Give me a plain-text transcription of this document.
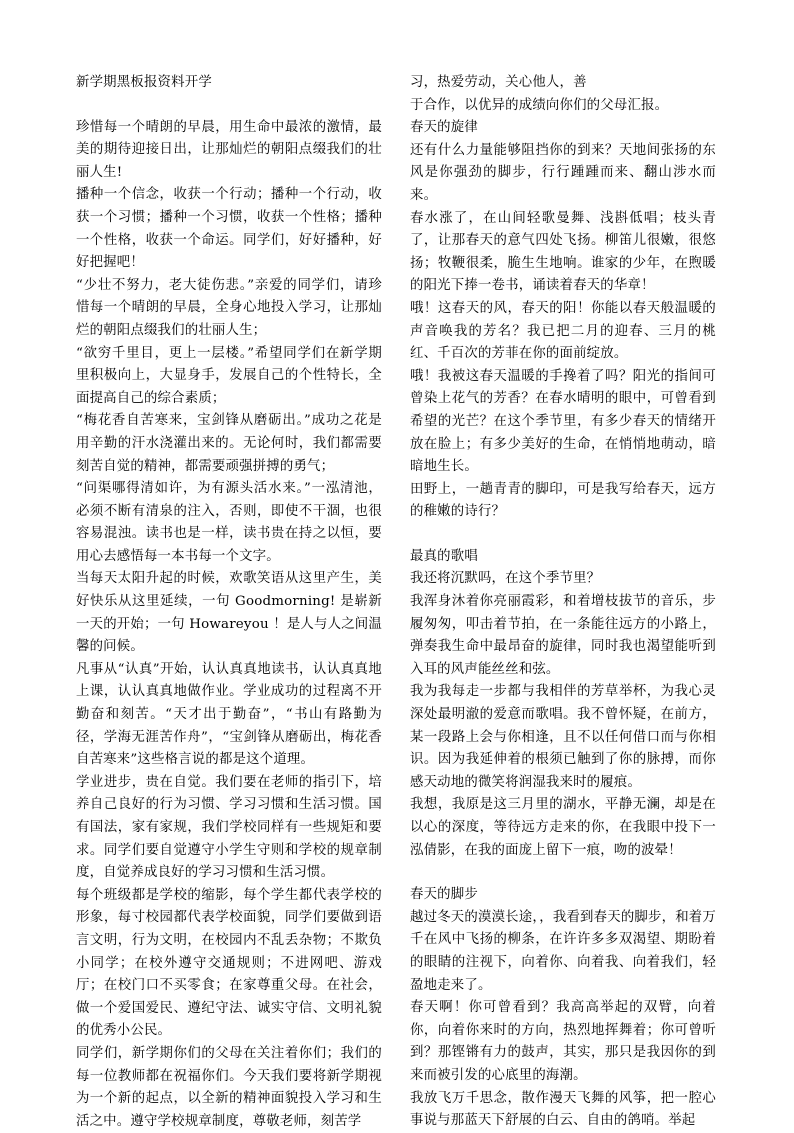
新学期黑板报资料开学

珍惜每一个晴朗的早晨，用生命中最浓的激情，最美的期待迎接日出，让那灿烂的朝阳点缀我们的壮丽人生!

播种一个信念，收获一个行动；播种一个行动，收获一个习惯；播种一个习惯，收获一个性格；播种一个性格，收获一个命运。同学们，好好播种，好好把握吧！

“少壮不努力，老大徒伤悲。”亲爱的同学们，请珍惜每一个晴朗的早晨，全身心地投入学习，让那灿烂的朝阳点缀我们的壮丽人生；

“欲穷千里目，更上一层楼。”希望同学们在新学期里积极向上，大显身手，发展自己的个性特长，全面提高自己的综合素质；

“梅花香自苦寒来，宝剑锋从磨砺出。”成功之花是用辛勤的汗水浇灌出来的。无论何时，我们都需要刻苦自觉的精神，都需要顽强拼搏的勇气；

“问渠哪得清如许，为有源头活水来。”一泓清池，必须不断有清泉的注入，否则，即使不干涸，也很容易混浊。读书也是一样，读书贵在持之以恒，要用心去感悟每一本书每一个文字。

当每天太阳升起的时候，欢歌笑语从这里产生，美好快乐从这里延续，一句 Goodmorning! 是崭新一天的开始；一句 Howareyou ！是人与人之间温馨的问候。

凡事从“认真”开始，认认真真地读书，认认真真地上课，认认真真地做作业。学业成功的过程离不开勤奋和刻苦。“天才出于勤奋”，“书山有路勤为径，学海无涯苦作舟”，“宝剑锋从磨砺出，梅花香自苦寒来”这些格言说的都是这个道理。

学业进步，贵在自觉。我们要在老师的指引下，培养自己良好的行为习惯、学习习惯和生活习惯。国有国法，家有家规，我们学校同样有一些规矩和要求。同学们要自觉遵守小学生守则和学校的规章制度，自觉养成良好的学习习惯和生活习惯。

每个班级都是学校的缩影，每个学生都代表学校的形象，每寸校园都代表学校面貌，同学们要做到语言文明，行为文明，在校园内不乱丢杂物；不欺负小同学；在校外遵守交通规则；不进网吧、游戏厅；在校门口不买零食；在家尊重父母。在社会，做一个爱国爱民、遵纪守法、诚实守信、文明礼貌的优秀小公民。

同学们，新学期你们的父母在关注着你们；我们的每一位教师都在祝福你们。今天我们要将新学期视为一个新的起点，以全新的精神面貌投入学习和生活之中。遵守学校规章制度，尊敬老师，刻苦学

习，热爱劳动，关心他人，善

于合作，以优异的成绩向你们的父母汇报。

春天的旋律

还有什么力量能够阻挡你的到来？天地间张扬的东风是你强劲的脚步，行行踵踵而来、翻山涉水而来。

春水涨了，在山间轻歌曼舞、浅斟低唱；枝头青了，让那春天的意气四处飞扬。柳笛儿很嫩，很悠扬；牧鞭很柔，脆生生地响。谁家的少年，在煦暖的阳光下捧一卷书，诵读着春天的华章！

哦！这春天的风，春天的阳！你能以春天般温暖的声音唤我的芳名？我已把二月的迎春、三月的桃红、千百次的芳菲在你的面前绽放。

哦！我被这春天温暖的手搀着了吗？阳光的指间可曾染上花气的芳香？在春水晴明的眼中，可曾看到希望的光芒？在这个季节里，有多少春天的情绪开放在脸上；有多少美好的生命，在悄悄地萌动，暗暗地生长。

田野上，一趟青青的脚印，可是我写给春天，远方的稚嫩的诗行？

最真的歌唱

我还将沉默吗，在这个季节里？

我浑身沐着你亮丽霞彩，和着增枝拔节的音乐，步履匆匆，叩击着节拍，在一条能往远方的小路上，弹奏我生命中最昂奋的旋律，同时我也渴望能听到入耳的风声能丝丝和弦。

我为我每走一步都与我相伴的芳草举杯，为我心灵深处最明澈的爱意而歌唱。我不曾怀疑，在前方，某一段路上会与你相逢，且不以任何借口而与你相识。因为我延伸着的根须已触到了你的脉搏，而你感天动地的微笑将润湿我来时的履痕。

我想，我原是这三月里的湖水，平静无澜，却是在以心的深度，等待远方走来的你，在我眼中投下一泓倩影，在我的面庞上留下一痕，吻的波晕！

春天的脚步

越过冬天的漠漠长途，，我看到春天的脚步，和着万千在风中飞扬的柳条，在许许多多双渴望、期盼着的眼睛的注视下，向着你、向着我、向着我们，轻盈地走来了。

春天啊！你可曾看到？我高高举起的双臂，向着你，向着你来时的方向，热烈地挥舞着；你可曾听到？那铿锵有力的鼓声，其实，那只是我因你的到来而被引发的心底里的海潮。

我放飞万千思念，散作漫天飞舞的风筝，把一腔心事说与那蓝天下舒展的白云、自由的鸽哨。举起
